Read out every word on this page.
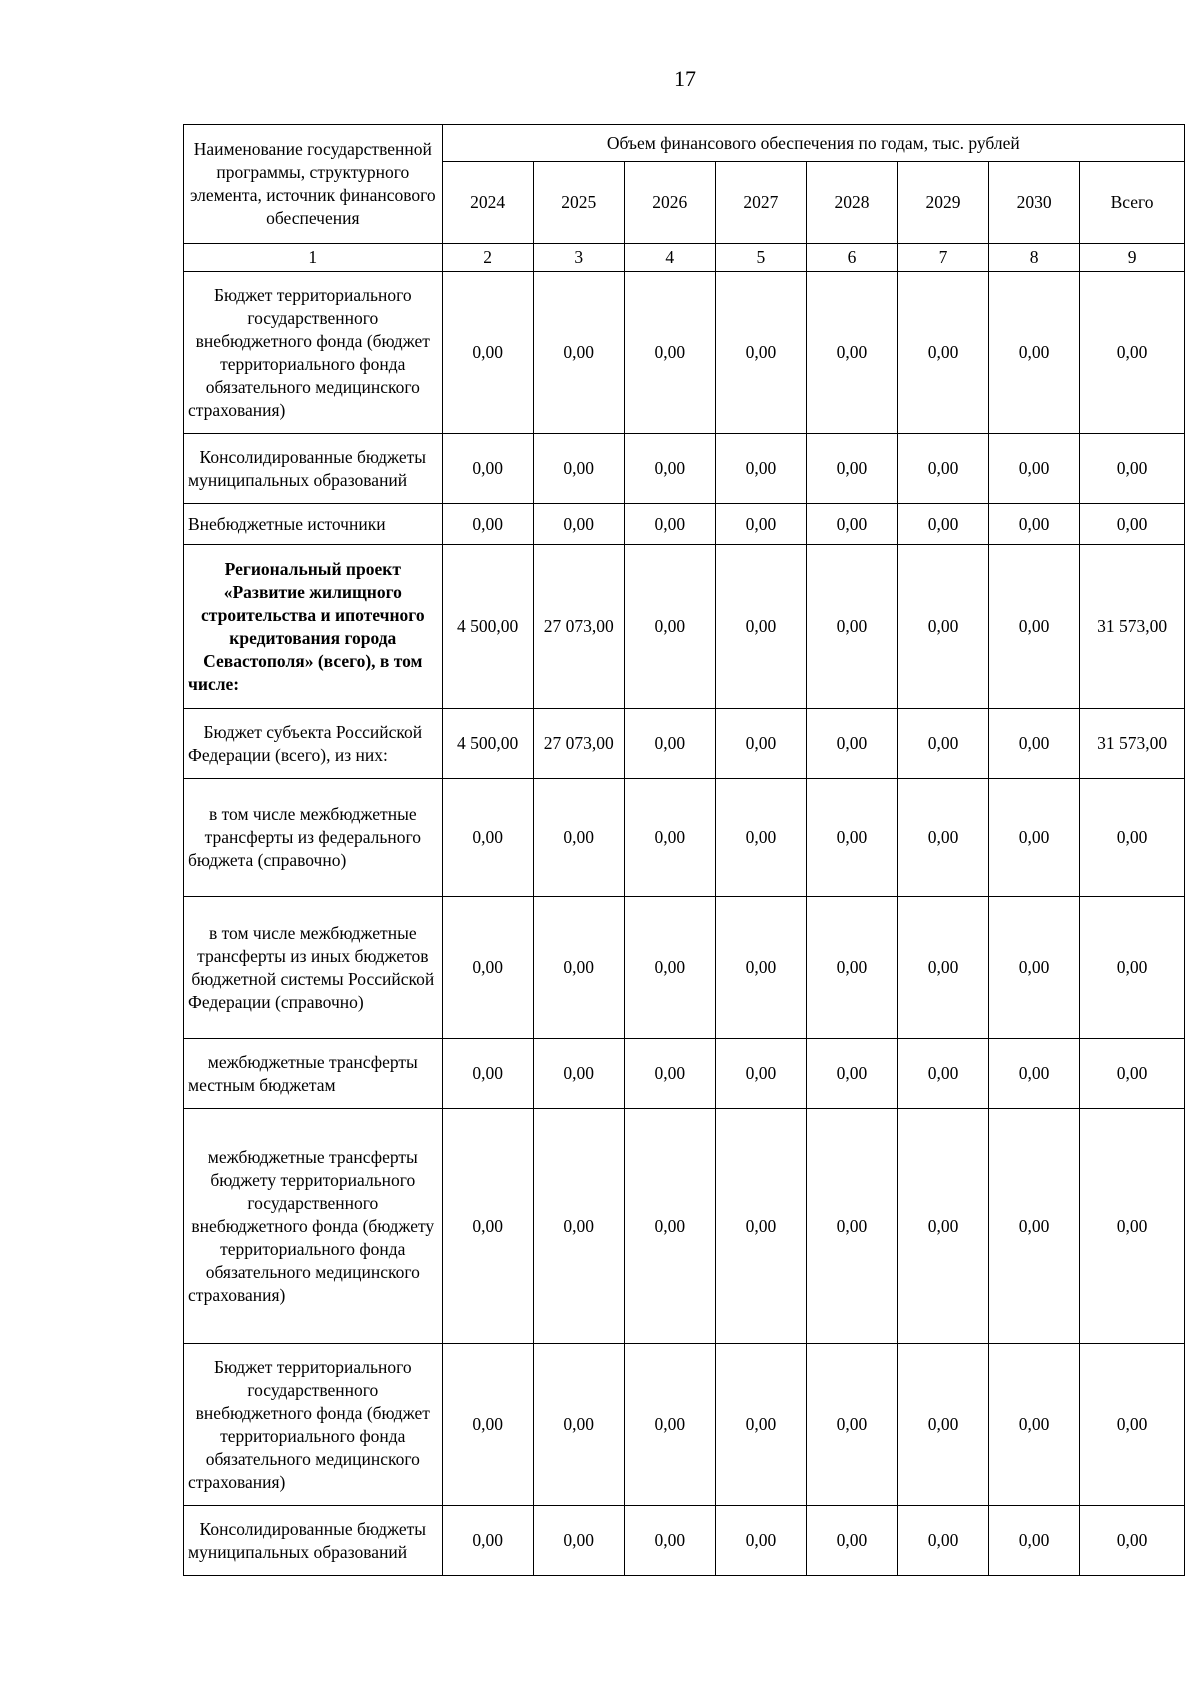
17
Наименование государственной программы, структурного элемента, источник финансового обеспечения	Объем финансового обеспечения по годам, тыс. рублей							
	2024	2025	2026	2027	2028	2029	2030	Всего
1	2	3	4	5	6	7	8	9
Бюджет территориального государственного внебюджетного фонда (бюджет территориального фонда обязательного медицинского страхования)	0,00	0,00	0,00	0,00	0,00	0,00	0,00	0,00
Консолидированные бюджеты муниципальных образований	0,00	0,00	0,00	0,00	0,00	0,00	0,00	0,00
Внебюджетные источники	0,00	0,00	0,00	0,00	0,00	0,00	0,00	0,00
Региональный проект «Развитие жилищного строительства и ипотечного кредитования города Севастополя» (всего), в том числе:	4 500,00	27 073,00	0,00	0,00	0,00	0,00	0,00	31 573,00
Бюджет субъекта Российской Федерации (всего), из них:	4 500,00	27 073,00	0,00	0,00	0,00	0,00	0,00	31 573,00
в том числе межбюджетные трансферты из федерального бюджета (справочно)	0,00	0,00	0,00	0,00	0,00	0,00	0,00	0,00
в том числе межбюджетные трансферты из иных бюджетов бюджетной системы Российской Федерации (справочно)	0,00	0,00	0,00	0,00	0,00	0,00	0,00	0,00
межбюджетные трансферты местным бюджетам	0,00	0,00	0,00	0,00	0,00	0,00	0,00	0,00
межбюджетные трансферты бюджету территориального государственного внебюджетного фонда (бюджету территориального фонда обязательного медицинского страхования)	0,00	0,00	0,00	0,00	0,00	0,00	0,00	0,00
Бюджет территориального государственного внебюджетного фонда (бюджет территориального фонда обязательного медицинского страхования)	0,00	0,00	0,00	0,00	0,00	0,00	0,00	0,00
Консолидированные бюджеты муниципальных образований	0,00	0,00	0,00	0,00	0,00	0,00	0,00	0,00
